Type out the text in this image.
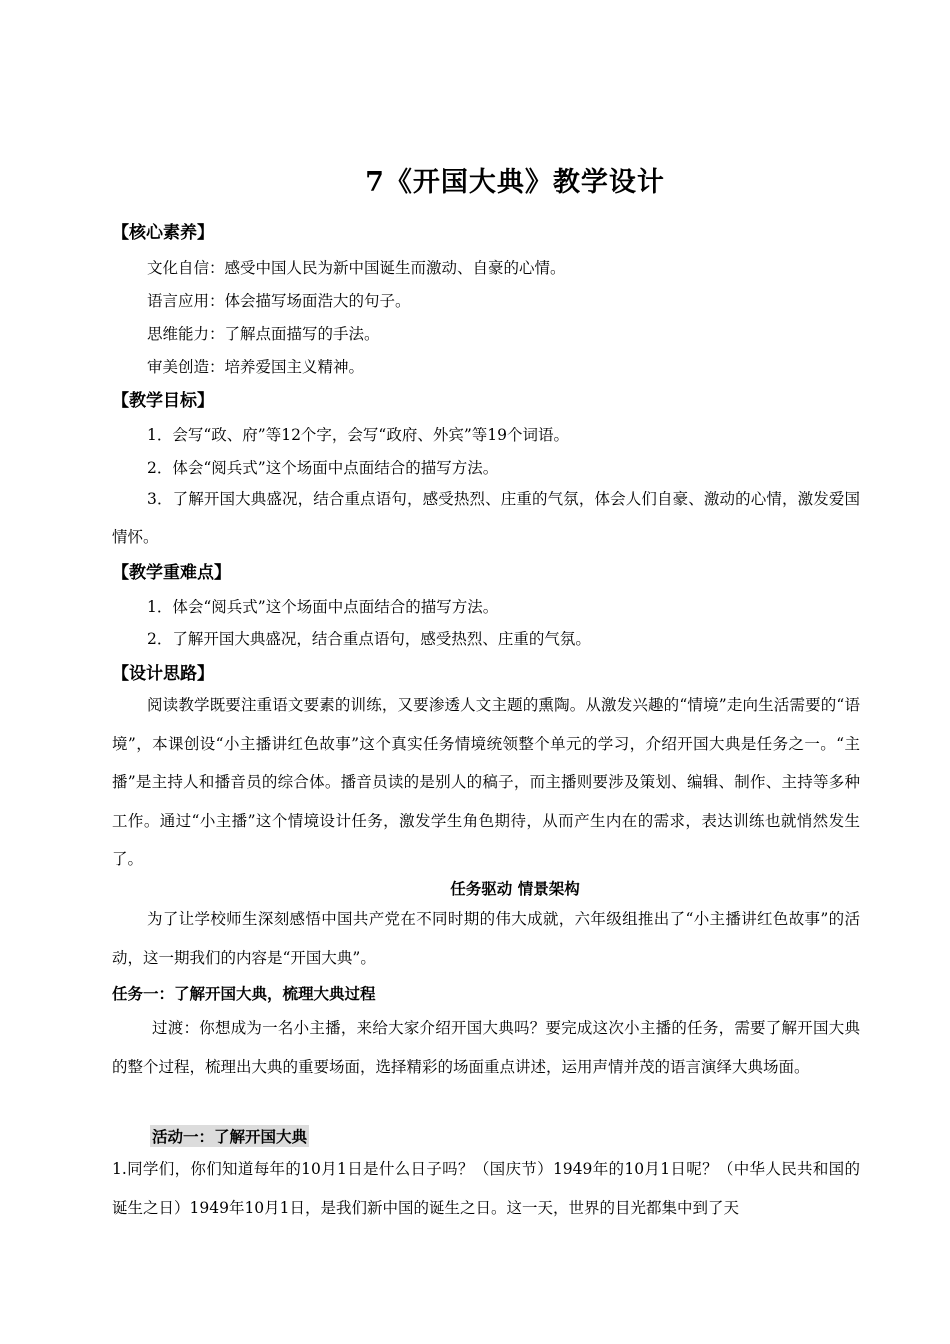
7《开国大典》教学设计
【核心素养】
文化自信：感受中国人民为新中国诞生而激动、自豪的心情。
语言应用：体会描写场面浩大的句子。
思维能力：了解点面描写的手法。
审美创造：培养爱国主义精神。
【教学目标】
1．会写“政、府”等12个字，会写“政府、外宾”等19个词语。
2．体会“阅兵式”这个场面中点面结合的描写方法。
3．了解开国大典盛况，结合重点语句，感受热烈、庄重的气氛，体会人们自豪、激动的心情，激发爱国情怀。
【教学重难点】
1．体会“阅兵式”这个场面中点面结合的描写方法。
2．了解开国大典盛况，结合重点语句，感受热烈、庄重的气氛。
【设计思路】
阅读教学既要注重语文要素的训练，又要渗透人文主题的熏陶。从激发兴趣的“情境”走向生活需要的“语境”，本课创设“小主播讲红色故事”这个真实任务情境统领整个单元的学习，介绍开国大典是任务之一。“主播”是主持人和播音员的综合体。播音员读的是别人的稿子，而主播则要涉及策划、编辑、制作、主持等多种工作。通过“小主播”这个情境设计任务，激发学生角色期待，从而产生内在的需求，表达训练也就悄然发生了。
任务驱动 情景架构
为了让学校师生深刻感悟中国共产党在不同时期的伟大成就，六年级组推出了“小主播讲红色故事”的活动，这一期我们的内容是“开国大典”。
任务一：了解开国大典，梳理大典过程
过渡：你想成为一名小主播，来给大家介绍开国大典吗？要完成这次小主播的任务，需要了解开国大典的整个过程，梳理出大典的重要场面，选择精彩的场面重点讲述，运用声情并茂的语言演绎大典场面。
活动一：了解开国大典
1.同学们，你们知道每年的10月1日是什么日子吗？（国庆节）1949年的10月1日呢？（中华人民共和国的诞生之日）1949年10月1日，是我们新中国的诞生之日。这一天，世界的目光都集中到了天
